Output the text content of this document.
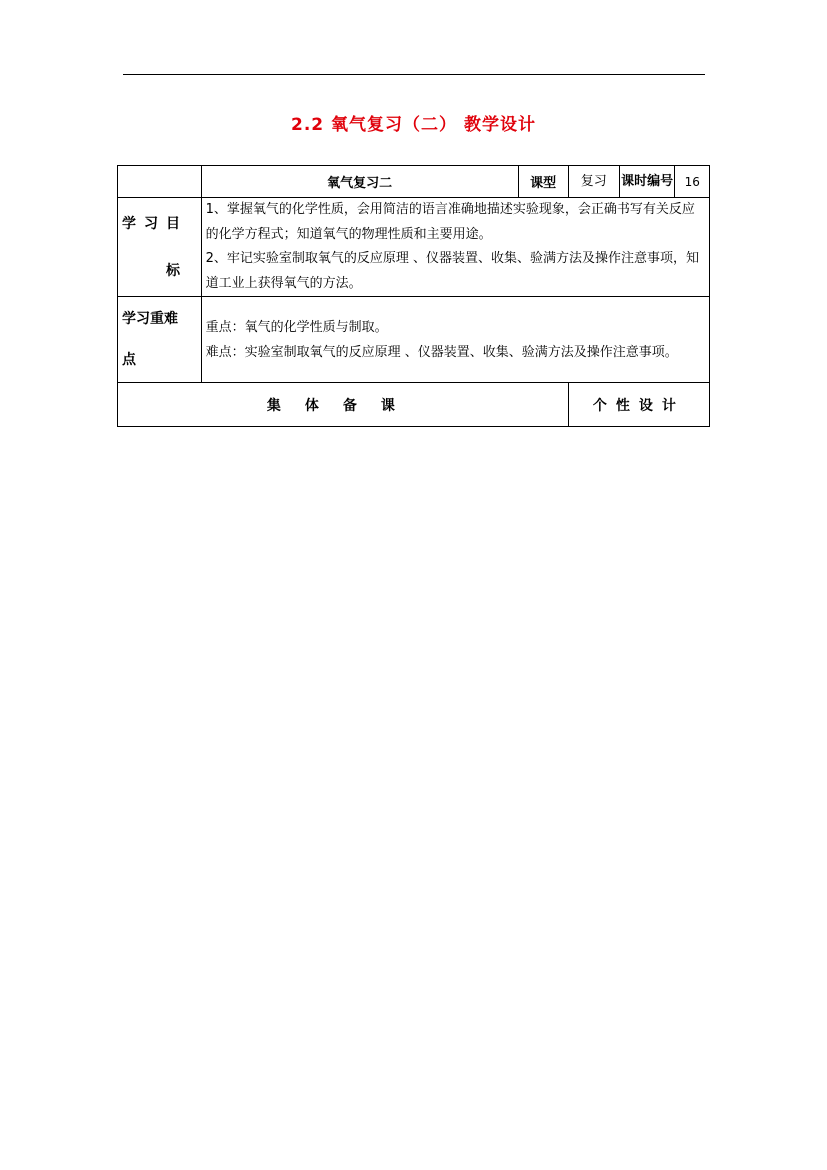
2.2 氧气复习（二） 教学设计
	氧气复习二	课型	复习 课时编号	16

学习目标	1、掌握氧气的化学性质，会用简洁的语言准确地描述实验现象，会正确书写有关反应的化学方程式；知道氧气的物理性质和主要用途。
2、牢记实验室制取氧气的反应原理 、仪器装置、收集、验满方法及操作注意事项，知道工业上获得氧气的方法。			

学习重难点	重点：氧气的化学性质与制取。
难点：实验室制取氧气的反应原理 、仪器装置、收集、验满方法及操作注意事项。			

集体备课			个性设计	
